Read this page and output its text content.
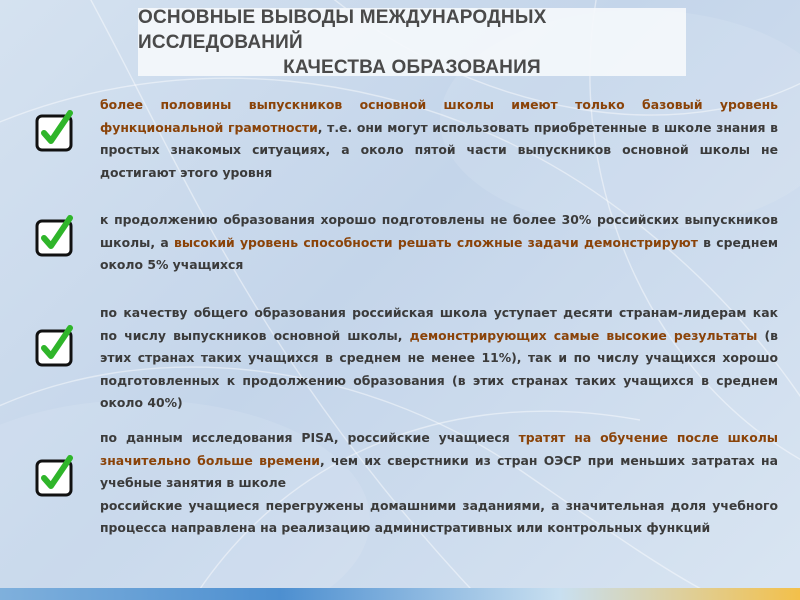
ОСНОВНЫЕ ВЫВОДЫ МЕЖДУНАРОДНЫХ ИССЛЕДОВАНИЙ
КАЧЕСТВА ОБРАЗОВАНИЯ
более половины выпускников основной школы имеют только базовый уровень функциональной грамотности, т.е. они могут использовать приобретенные в школе знания в простых знакомых ситуациях, а около пятой части выпускников основной школы не достигают этого уровня
к продолжению образования хорошо подготовлены не более 30% российских выпускников школы, а высокий уровень способности решать сложные задачи демонстрируют в среднем около 5% учащихся
по качеству общего образования российская школа уступает десяти странам-лидерам как по числу выпускников основной школы, демонстрирующих самые высокие результаты (в этих странах таких учащихся в среднем не менее 11%), так и по числу учащихся хорошо подготовленных к продолжению образования (в этих странах таких учащихся в среднем около 40%)
по данным исследования PISA, российские учащиеся тратят на обучение после школы значительно больше времени, чем их сверстники из стран ОЭСР при меньших затратах на учебные занятия в школе
российские учащиеся перегружены домашними заданиями, а значительная доля учебного процесса направлена на реализацию административных или контрольных функций
